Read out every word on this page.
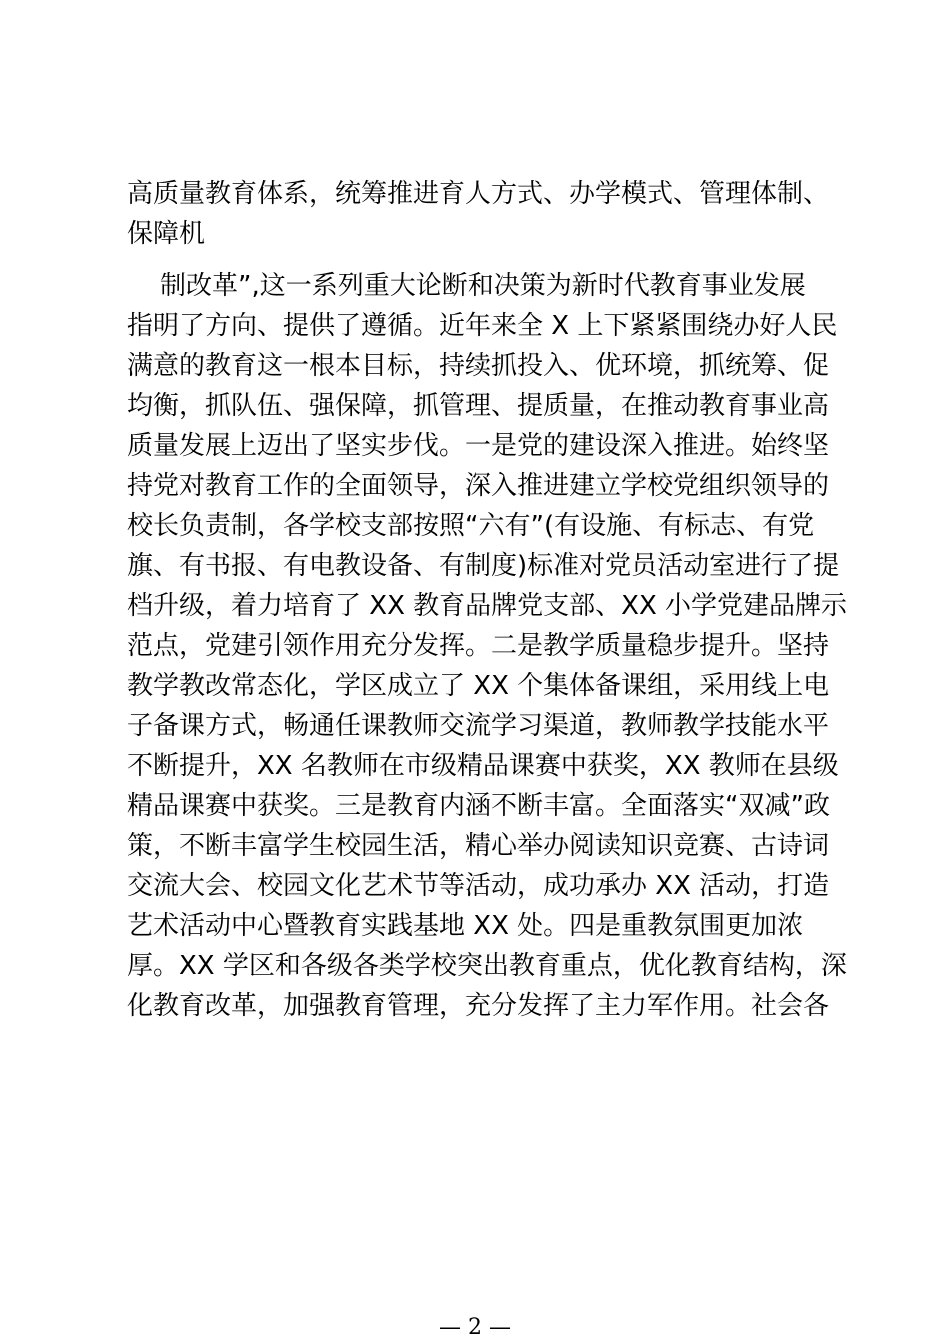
高质量教育体系，统筹推进育人方式、办学模式、管理体制、
保障机
制改革”,这一系列重大论断和决策为新时代教育事业发展
指明了方向、提供了遵循。近年来全 X 上下紧紧围绕办好人民
满意的教育这一根本目标，持续抓投入、优环境，抓统筹、促
均衡，抓队伍、强保障，抓管理、提质量，在推动教育事业高
质量发展上迈出了坚实步伐。一是党的建设深入推进。始终坚
持党对教育工作的全面领导，深入推进建立学校党组织领导的
校长负责制，各学校支部按照“六有”(有设施、有标志、有党
旗、有书报、有电教设备、有制度)标准对党员活动室进行了提
档升级，着力培育了 XX 教育品牌党支部、XX 小学党建品牌示
范点，党建引领作用充分发挥。二是教学质量稳步提升。坚持
教学教改常态化，学区成立了 XX 个集体备课组，采用线上电
子备课方式，畅通任课教师交流学习渠道，教师教学技能水平
不断提升，XX 名教师在市级精品课赛中获奖，XX 教师在县级
精品课赛中获奖。三是教育内涵不断丰富。全面落实“双减”政
策，不断丰富学生校园生活，精心举办阅读知识竞赛、古诗词
交流大会、校园文化艺术节等活动，成功承办 XX 活动，打造
艺术活动中心暨教育实践基地 XX 处。四是重教氛围更加浓
厚。XX 学区和各级各类学校突出教育重点，优化教育结构，深
化教育改革，加强教育管理，充分发挥了主力军作用。社会各
— 2 —
